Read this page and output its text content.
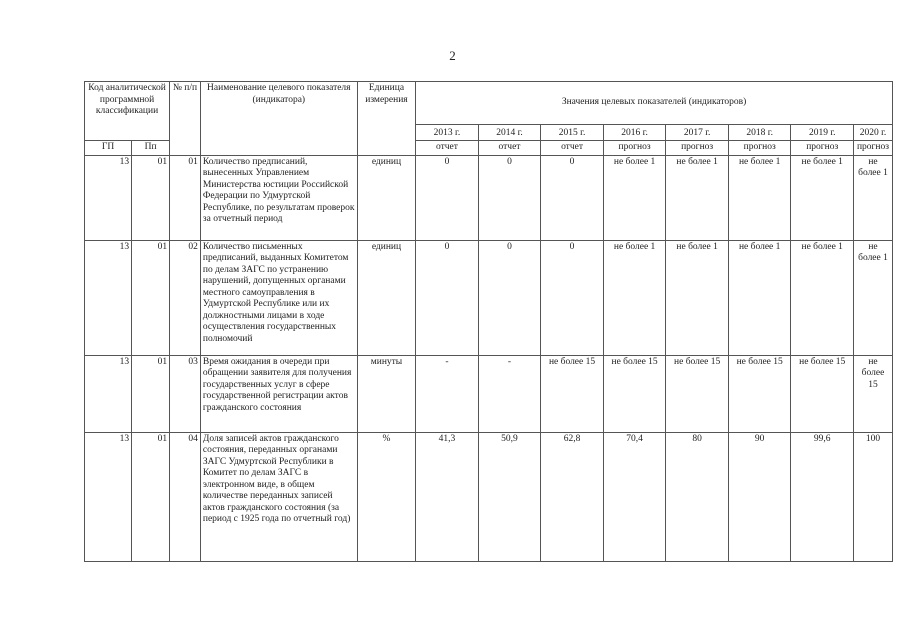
2
Код аналитической программной классификации		№ п/п	Наименование целевого показателя (индикатора)	Единица измерения	Значения целевых показателей (индикаторов)							
					2013 г.	2014 г.	2015 г.	2016 г.	2017 г.	2018 г.	2019 г.	2020 г.
ГП	Пп				отчет	отчет	отчет	прогноз	прогноз	прогноз	прогноз	прогноз
13	01	01	Количество предписаний, вынесенных Управлением Министерства юстиции Российской Федерации по Удмуртской Республике, по результатам проверок за отчетный период	единиц	0	0	0	не более 1	не более 1	не более 1	не более 1	не более 1
13	01	02	Количество письменных предписаний, выданных Комитетом по делам ЗАГС по устранению нарушений, допущенных органами местного самоуправления в Удмуртской Республике или их должностными лицами в ходе осуществления государственных полномочий	единиц	0	0	0	не более 1	не более 1	не более 1	не более 1	не более 1
13	01	03	Время ожидания в очереди при обращении заявителя для получения государственных услуг в сфере государственной регистрации актов гражданского состояния	минуты	-	-	не более 15	не более 15	не более 15	не более 15	не более 15	не более 15
13	01	04	Доля записей актов гражданского состояния, переданных органами ЗАГС Удмуртской Республики в Комитет по делам ЗАГС в электронном виде, в общем количестве переданных записей актов гражданского состояния (за период с 1925 года по отчетный год)	%	41,3	50,9	62,8	70,4	80	90	99,6	100
